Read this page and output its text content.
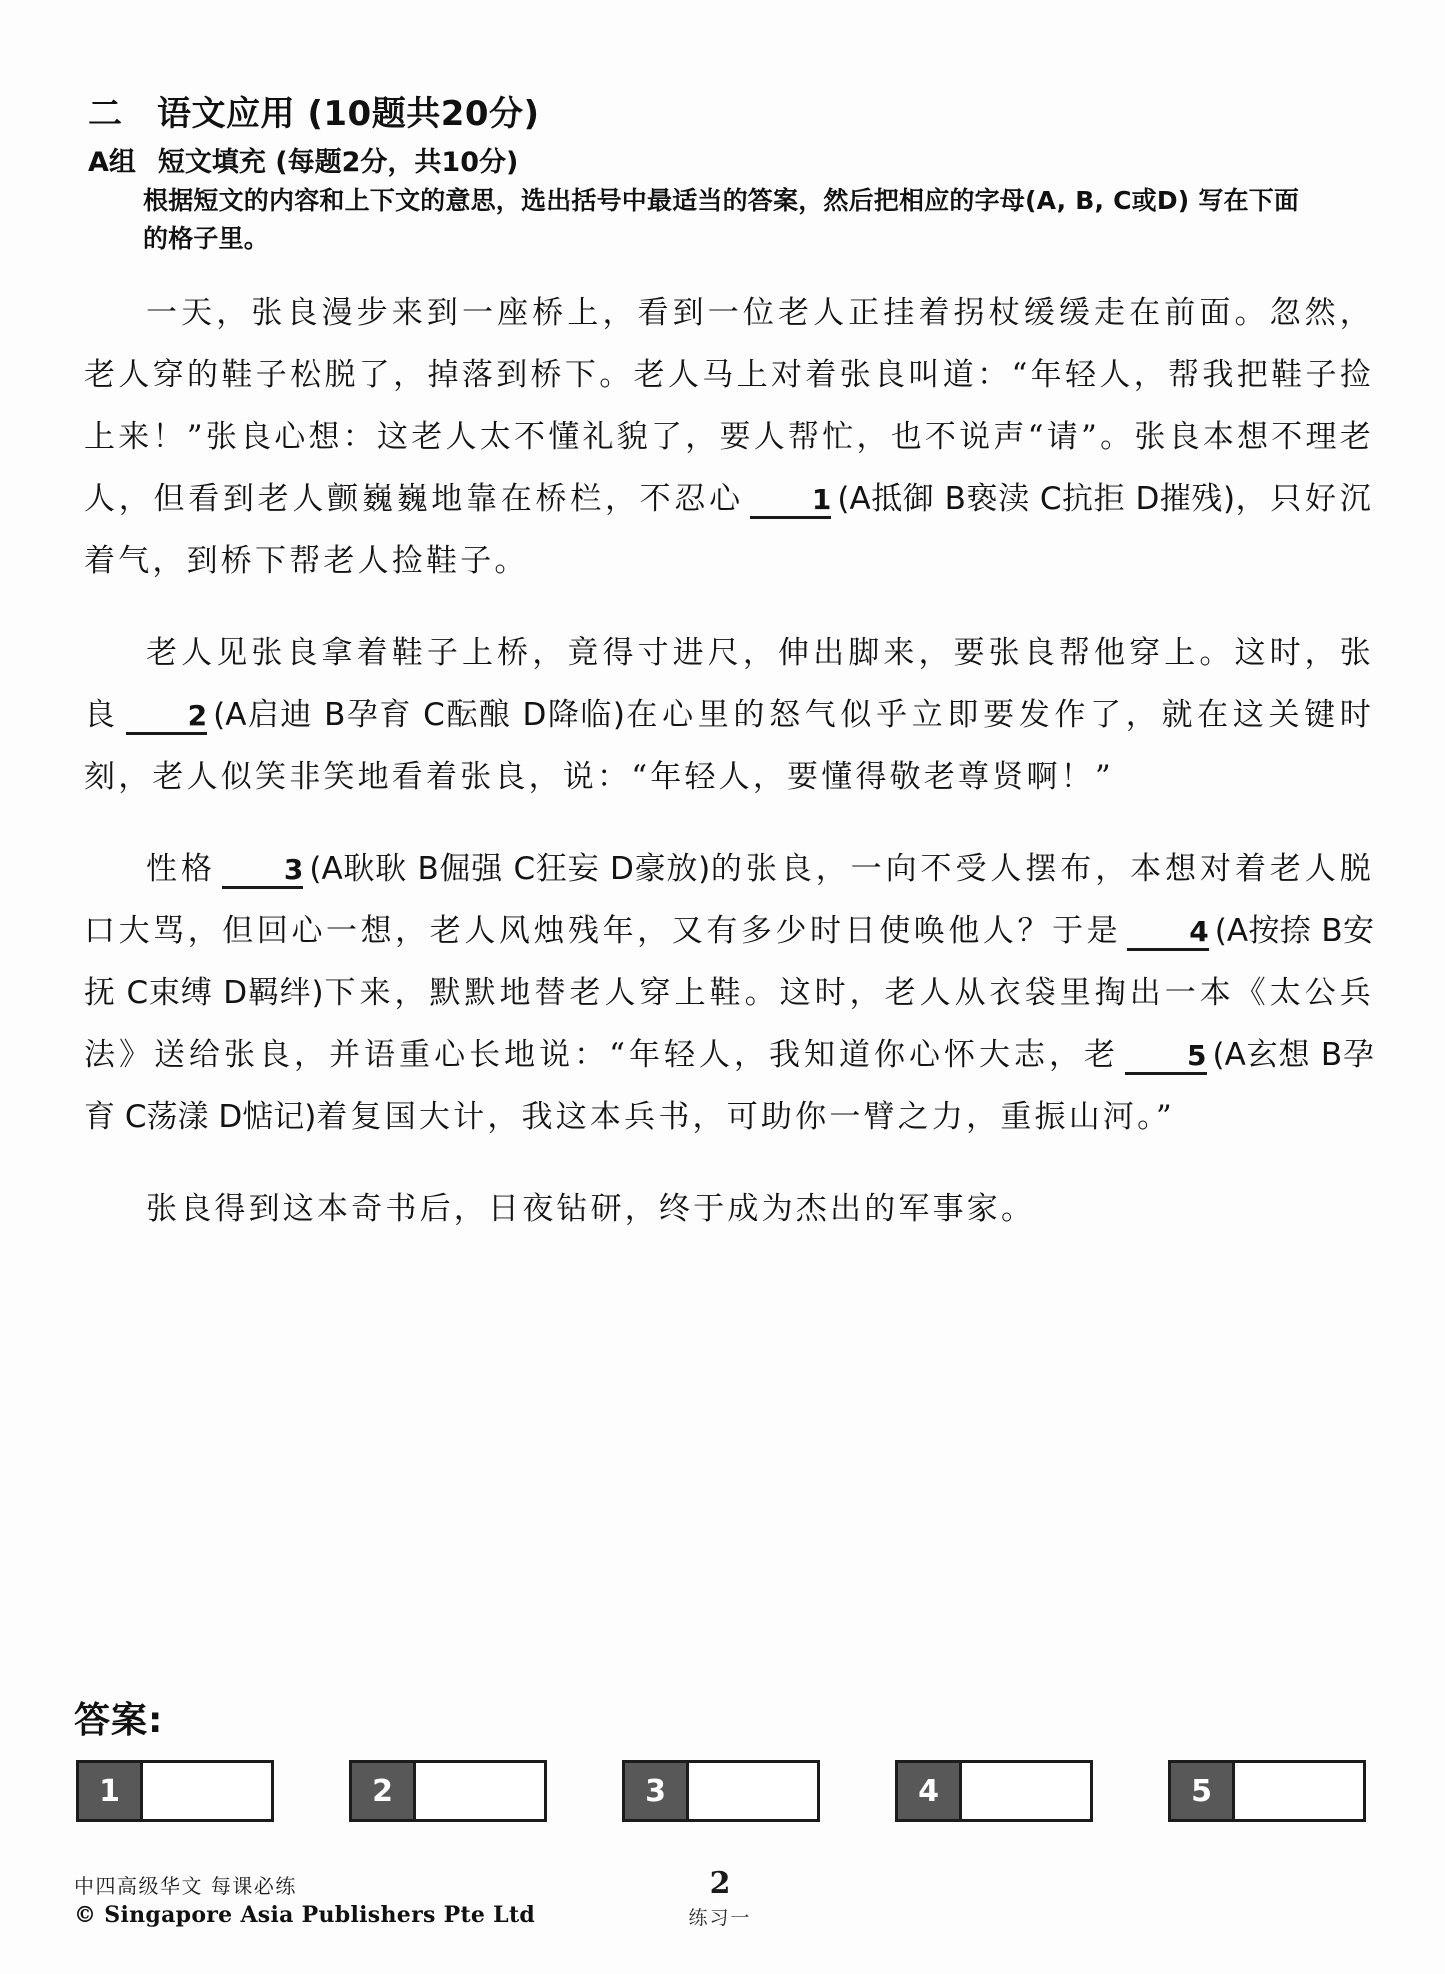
二 语文应用 (10题共20分)
A组 短文填充 (每题2分，共10分)
根据短文的内容和上下文的意思，选出括号中最适当的答案，然后把相应的字母(A, B, C或D) 写在下面的格子里。

一天，张良漫步来到一座桥上，看到一位老人正挂着拐杖缓缓走在前面。忽然，老人穿的鞋子松脱了，掉落到桥下。老人马上对着张良叫道：“年轻人，帮我把鞋子捡上来！”张良心想：这老人太不懂礼貌了，要人帮忙，也不说声“请”。张良本想不理老人，但看到老人颤巍巍地靠在桥栏，不忍心 1 (A抵御 B亵渎 C抗拒 D摧残)，只好沉着气，到桥下帮老人捡鞋子。

老人见张良拿着鞋子上桥，竟得寸进尺，伸出脚来，要张良帮他穿上。这时，张良 2 (A启迪 B孕育 C酝酿 D降临)在心里的怒气似乎立即要发作了，就在这关键时刻，老人似笑非笑地看着张良，说：“年轻人，要懂得敬老尊贤啊！”

性格 3 (A耿耿 B倔强 C狂妄 D豪放)的张良，一向不受人摆布，本想对着老人脱口大骂，但回心一想，老人风烛残年，又有多少时日使唤他人？于是 4 (A按捺 B安抚 C束缚 D羁绊)下来，默默地替老人穿上鞋。这时，老人从衣袋里掏出一本《太公兵法》送给张良，并语重心长地说：“年轻人，我知道你心怀大志，老 5 (A玄想 B孕育 C荡漾 D惦记)着复国大计，我这本兵书，可助你一臂之力，重振山河。”

张良得到这本奇书后，日夜钻研，终于成为杰出的军事家。

答案:
1	2	3	4	5
中四高级华文 每课必练
© Singapore Asia Publishers Pte Ltd
2
练习一
